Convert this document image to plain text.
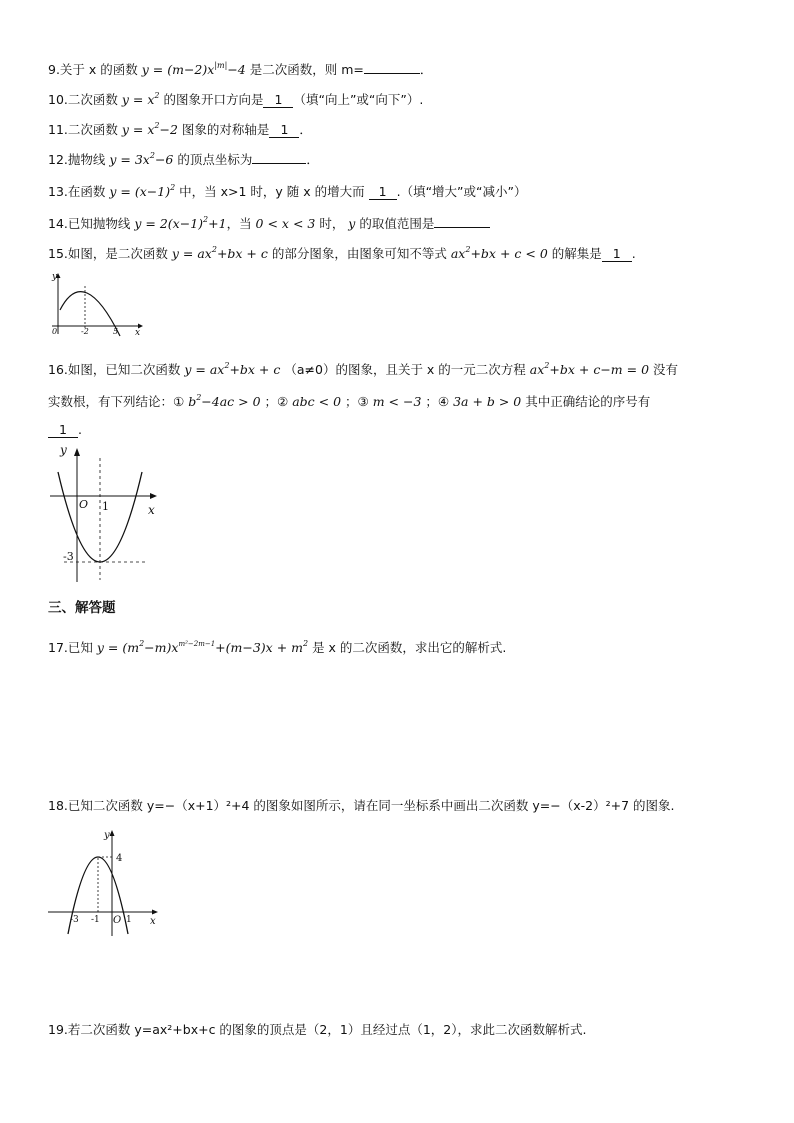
9.关于 x 的函数 $y = (m-2)x^{|m|}-4$ 是二次函数，则 m=	．
10.二次函数 $y = x^2$ 的图象开口方向是 1 （填“向上”或“向下”）.
11.二次函数 $y = x^2-2$ 图象的对称轴是 1 ．
12.抛物线 $y = 3x^2-6$ 的顶点坐标为	．
13.在函数 $y = (x-1)^2$ 中，当 x>1 时，y 随 x 的增大而 1 .（填“增大”或“减小”）
14.已知抛物线 $y = 2(x-1)^2+1$，当 0 < x < 3 时， y 的取值范围是
15.如图，是二次函数 $y = ax^2+bx + c$ 的部分图象，由图象可知不等式 $ax^2+bx + c < 0$ 的解集是 1 .
y
x
0	-2	5
16.如图，已知二次函数 $y = ax^2+bx + c$ （a≠0）的图象，且关于 x 的一元二次方程 $ax^2+bx + c-m = 0$ 没有
实数根，有下列结论：① $b^2-4ac > 0$ ；② abc < 0 ；③ m < −3 ；④ 3a + b > 0 其中正确结论的序号有
1 .
y
x
O 1
-3
三、解答题
17.已知 $y = (m^2-m)x^{m^2-2m-1}+(m-3)x + m^2$ 是 x 的二次函数，求出它的解析式.
18.已知二次函数 y=−（x+1）²+4 的图象如图所示，请在同一坐标系中画出二次函数 y=−（x-2）²+7 的图象.
y
x
4
-3 -1 O 1
19.若二次函数 y=ax²+bx+c 的图象的顶点是（2，1）且经过点（1，2），求此二次函数解析式.
